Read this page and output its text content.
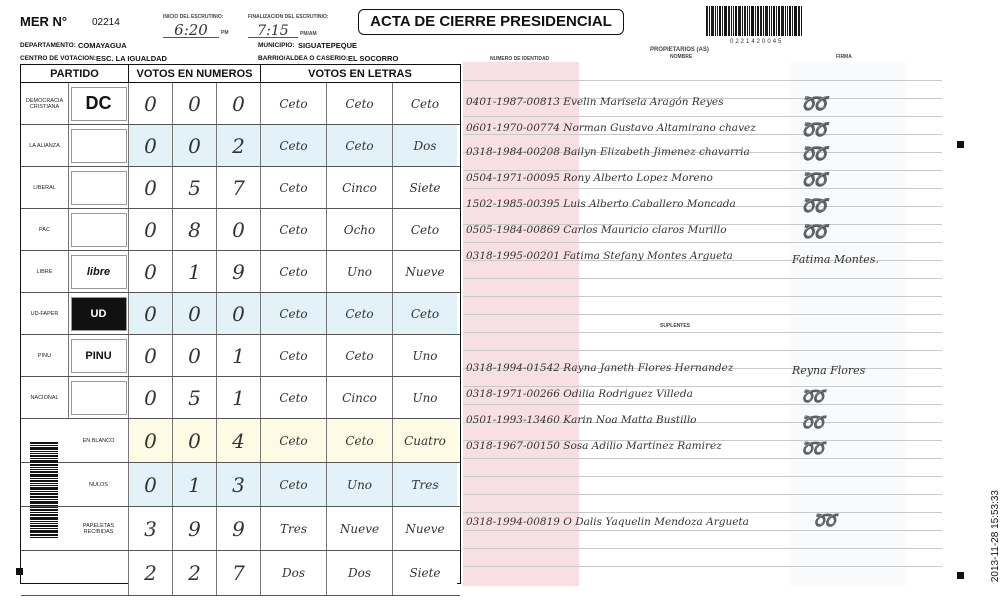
MER N° 02214	INICIO DEL ESCRUTINIO:
6:20	PM
FINALIZACION DEL ESCRUTINIO:
7:15	PM/AM
ACTA DE CIERRE PRESIDENCIAL
0221420045
DEPARTAMENTO: COMAYAGUA	MUNICIPIO: SIGUATEPEQUE
CENTRO DE VOTACION: ESC. LA IGUALDAD	BARRIO/ALDEA O CASERIO: EL SOCORRO
PARTIDO	VOTOS EN NUMEROS	VOTOS EN LETRAS
DEMOCRACIA CRISTIANA	DC 0 0 0	Ceto	Ceto	Ceto
LA ALIANZA	0 0 2	Ceto	Ceto	Dos
LIBERAL	0 5 7	Ceto	Cinco	Siete
PAC	0 8 0	Ceto	Ocho	Ceto
LIBRE	libre 0 1 9	Ceto	Uno	Nueve
UD-FAPER	UD 0 0 0	Ceto	Ceto	Ceto
PINU	PINU 0 0 1	Ceto	Ceto	Uno
NACIONAL	0 5 1	Ceto	Cinco	Uno
EN BLANCO 0 0 4	Ceto	Ceto	Cuatro
NULOS 0 1 3	Ceto	Uno	Tres
PAPELETAS RECIBIDAS	3 9 9	Tres	Nueve Nueve
2 2 7	Dos	Dos	Siete
NUMERO DE IDENTIDAD
PROPIETARIOS (AS)
NOMBRE	FIRMA
SUPLENTES
0401-1987-00813 Evelin Marisela Aragón Reyes	➿
0601-1970-00774 Norman Gustavo Altamirano chavez ➿
0318-1984-00208 Bailyn Elizabeth Jimenez chavarria ➿
0504-1971-00095 Rony Alberto Lopez Moreno	➿
1502-1985-00395 Luis Alberto Caballero Moncada	➿
0505-1984-00869 Carlos Mauricio claros Murillo	➿
0318-1995-00201 Fatima Stefany Montes Argueta	Fatima Montes.
0318-1994-01542 Rayna Janeth Flores Hernandez	Reyna Flores
0318-1971-00266 Odilia Rodriguez Villeda	➿
0501-1993-13460 Karin Noa Matta Bustillo	➿
0318-1967-00150 Sosa Adilio Martinez Ramirez	➿
0318-1994-00819 O Dalis Yaquelin Mendoza Argueta	➿	2013-11-28 15:53:33
